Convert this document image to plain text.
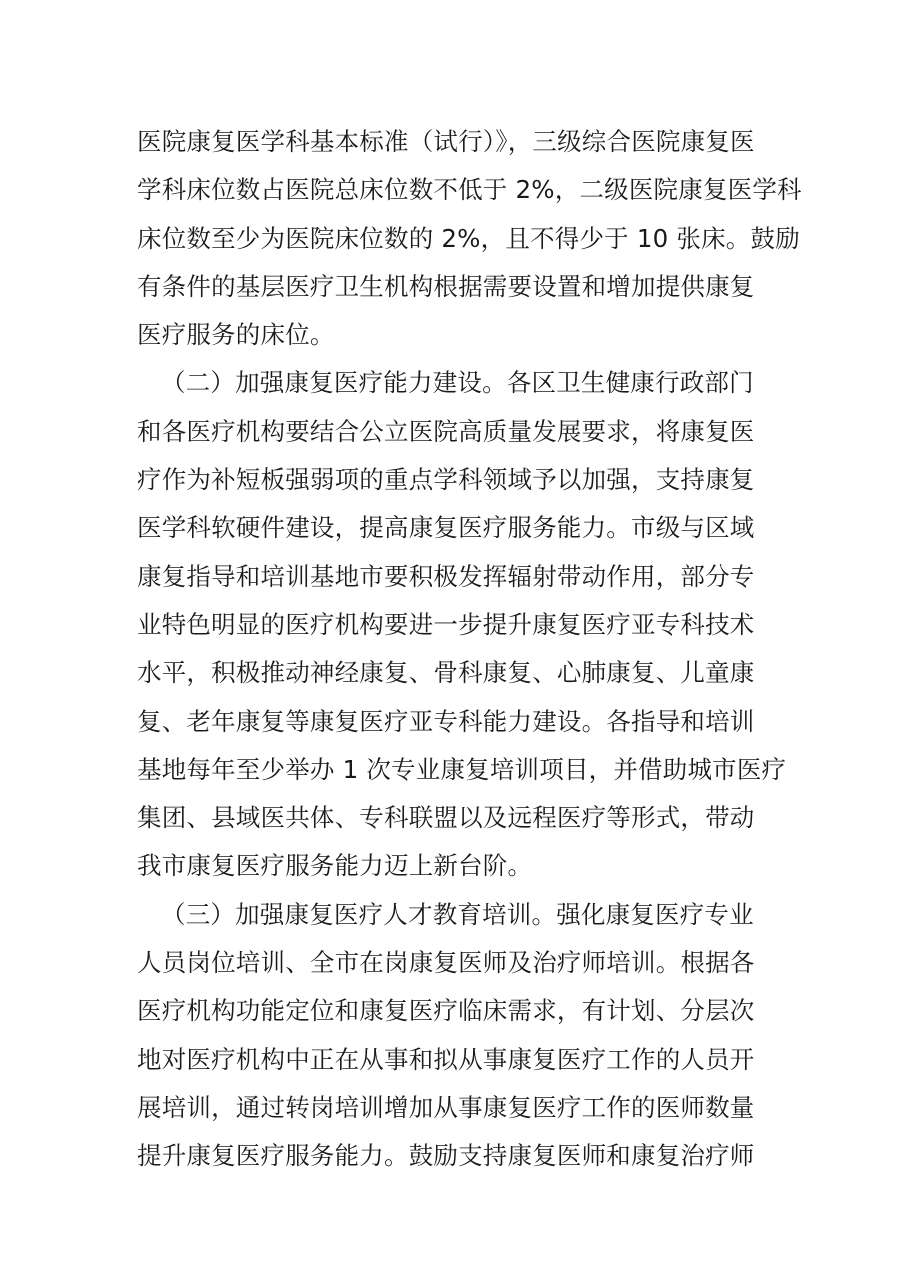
医院康复医学科基本标准（试行）》，三级综合医院康复医
学科床位数占医院总床位数不低于 2%，二级医院康复医学科
床位数至少为医院床位数的 2%，且不得少于 10 张床。鼓励
有条件的基层医疗卫生机构根据需要设置和增加提供康复
医疗服务的床位。
（二）加强康复医疗能力建设。各区卫生健康行政部门
和各医疗机构要结合公立医院高质量发展要求，将康复医
疗作为补短板强弱项的重点学科领域予以加强，支持康复
医学科软硬件建设，提高康复医疗服务能力。市级与区域
康复指导和培训基地市要积极发挥辐射带动作用，部分专
业特色明显的医疗机构要进一步提升康复医疗亚专科技术
水平，积极推动神经康复、骨科康复、心肺康复、儿童康
复、老年康复等康复医疗亚专科能力建设。各指导和培训
基地每年至少举办 1 次专业康复培训项目，并借助城市医疗
集团、县域医共体、专科联盟以及远程医疗等形式，带动
我市康复医疗服务能力迈上新台阶。
（三）加强康复医疗人才教育培训。强化康复医疗专业
人员岗位培训、全市在岗康复医师及治疗师培训。根据各
医疗机构功能定位和康复医疗临床需求，有计划、分层次
地对医疗机构中正在从事和拟从事康复医疗工作的人员开
展培训，通过转岗培训增加从事康复医疗工作的医师数量
提升康复医疗服务能力。鼓励支持康复医师和康复治疗师
